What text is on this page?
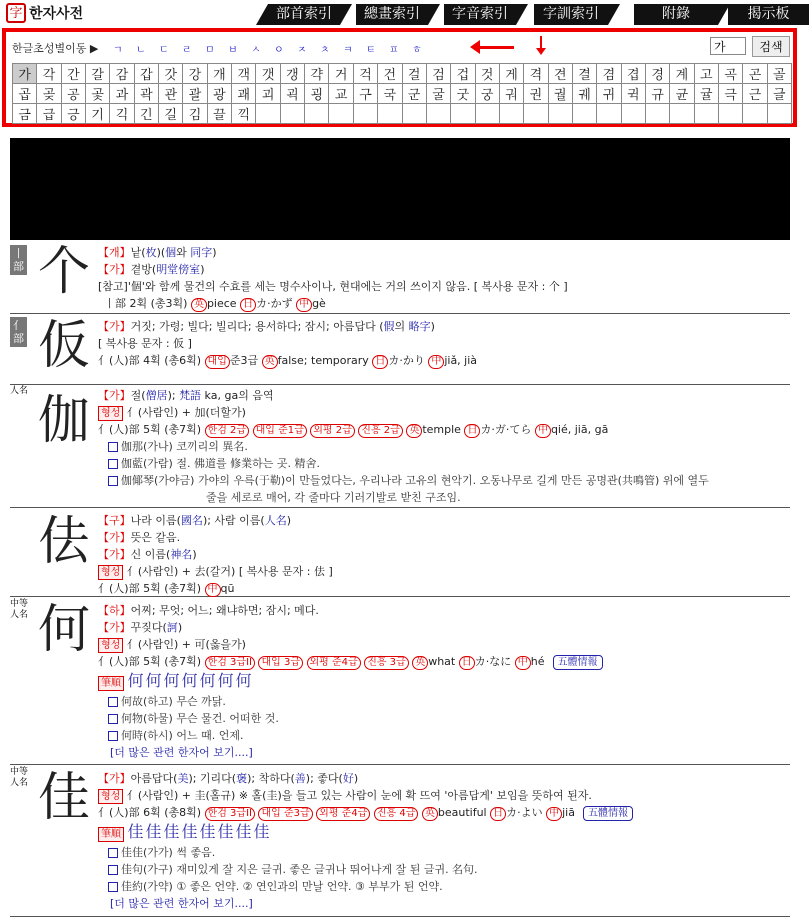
字 한자사전	部首索引	總畫索引	字音索引	字訓索引	附錄	揭示板
한글초성별이동 ▶	ㄱ	ㄴ	ㄷ	ㄹ	ㅁ	ㅂ	ㅅ	ㅇ	ㅈ	ㅊ	ㅋ	ㅌ	ㅍ	ㅎ
가	검색
가	각	간	갈	감	갑	갓	강	개	객	갯	갱	갹	거	걱	건	걸	검	겁	것	게	격	견	결	겸	겹	경	계	고	곡	곤	골
곱	곶	공	곷	과	곽	관	괄	광	괘	괴	괵	굉	교	구	국	군	굴	굿	궁	궈	권	궐	궤	귀	귁	규	균	귤	극	근	글
금	급	긍	기	긱	긴	길	김	끌	끽																						
丨部 个 【개】낱(枚)(個와 同字)
【가】곁방(明堂傍室)
[참고]'個'와 함께 물건의 수효를 세는 명수사이나, 현대에는 거의 쓰이지 않음. [ 복사용 문자 : 个 ]
丨部 2획 (총3획) 英 piece 日 カ·かず 中 gè
亻部 仮 【가】거짓; 가령; 빌다; 빌리다; 용서하다; 잠시; 아름답다 (假의 略字)
[ 복사용 문자 : 仮 ]
亻(人)部 4획 (총6획) 대입 준3급 英 false; temporary 日 カ·かり 中 jiǎ, jià
人名 伽 【가】절(僧居); 梵語 ka, ga의 음역
형성 亻(사람인) + 加(더할가)
亻(人)部 5획 (총7획) 한검 2급 대입 준1급 외평 2급 진흥 2급 英 temple 日 カ·ガ·てら 中 qié, jiā, gā
伽那(가나) 코끼리의 異名.
伽藍(가람) 절. 佛道를 修業하는 곳. 精舍.
伽倻琴(가야금) 가야의 우륵(于勒)이 만들었다는, 우리나라 고유의 현악기. 오동나무로 길게 만든 공명관(共鳴管) 위에 열두
줄을 세로로 매어, 각 줄마다 기러기발로 받친 구조임.
佉 【구】나라 이름(國名); 사람 이름(人名)
【가】뜻은 같음.
【가】신 이름(神名)
형성 亻(사람인) + 去(갈거) [ 복사용 문자 : 佉 ]
亻(人)部 5획 (총7획) 中 qū
中等 人名 何 【하】어찌; 무엇; 어느; 왜냐하면; 잠시; 메다.
【가】꾸짖다(訶)
형성 亻(사람인) + 可(옳을가)
亻(人)部 5획 (총7획) 한검 3급II 대입 3급 외평 준4급 진흥 3급 英 what 日 カ·なに 中 hé 五體情報
筆順 何何何何何何何
何故(하고) 무슨 까닭.
何物(하물) 무슨 물건. 어떠한 것.
何時(하시) 어느 때. 언제.
[더 많은 관련 한자어 보기....]
中等 人名 佳 【가】아름답다(美); 기리다(褒); 착하다(善); 좋다(好)
형성 亻(사람인) + 圭(홀규) ※ 홀(圭)을 들고 있는 사람이 눈에 확 뜨여 '아름답게' 보임을 뜻하여 된자.
亻(人)部 6획 (총8획) 한검 3급II 대입 준3급 외평 준4급 진흥 4급 英 beautiful 日 カ·よい 中 jiā 五體情報
筆順 佳佳佳佳佳佳佳佳
佳佳(가가) 썩 좋음.
佳句(가구) 재미있게 잘 지은 글귀. 좋은 글귀나 뛰어나게 잘 된 글귀. 名句.
佳約(가약) ① 좋은 언약. ② 연인과의 만날 언약. ③ 부부가 된 언약.
[더 많은 관련 한자어 보기....]
